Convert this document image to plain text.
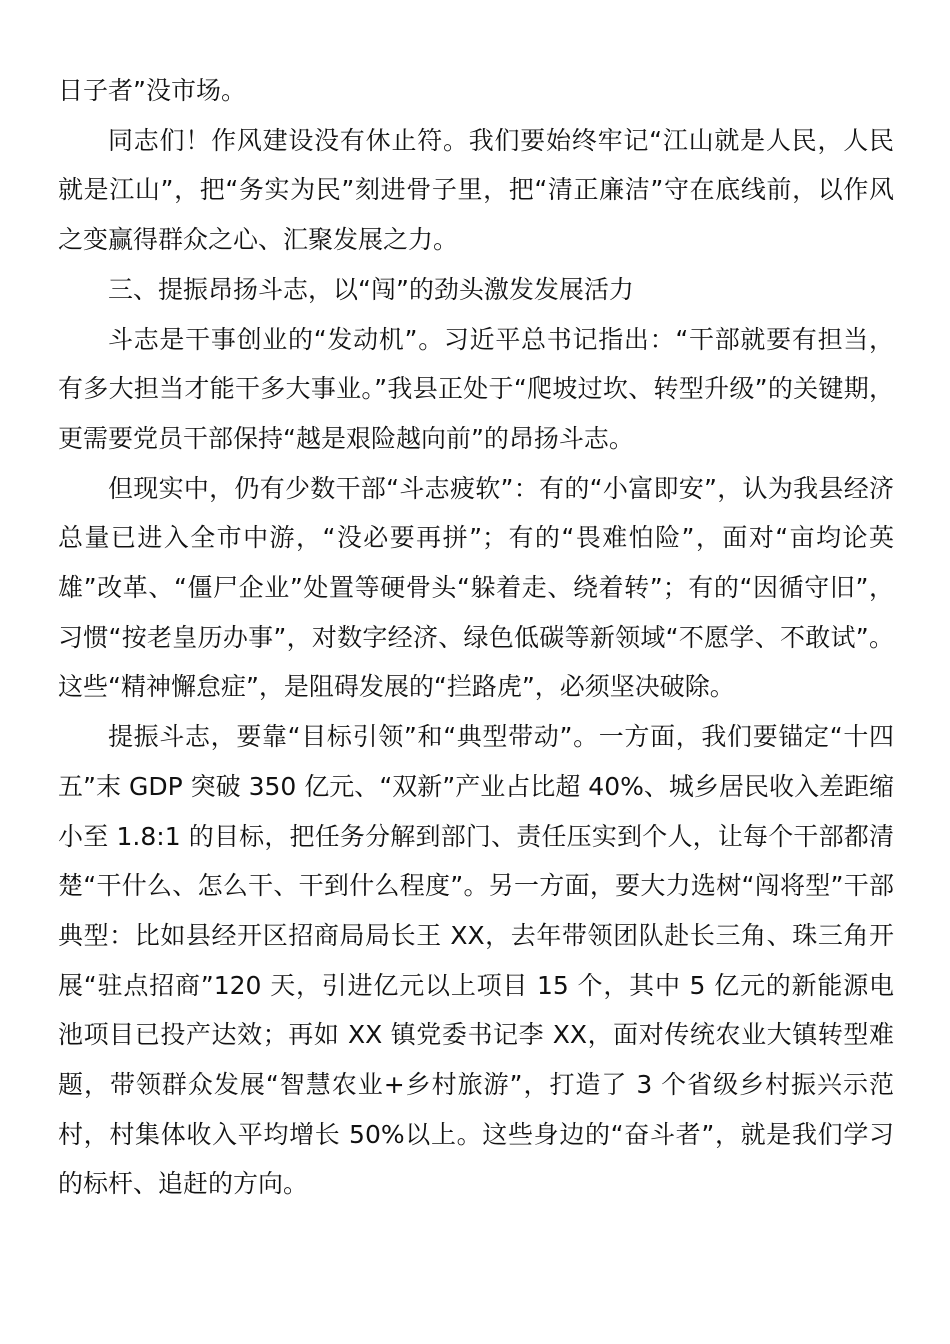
日子者”没市场。

同志们！作风建设没有休止符。我们要始终牢记“江山就是人民，人民就是江山”，把“务实为民”刻进骨子里，把“清正廉洁”守在底线前，以作风之变赢得群众之心、汇聚发展之力。

三、提振昂扬斗志，以“闯”的劲头激发发展活力

斗志是干事创业的“发动机”。习近平总书记指出：“干部就要有担当，有多大担当才能干多大事业。”我县正处于“爬坡过坎、转型升级”的关键期，更需要党员干部保持“越是艰险越向前”的昂扬斗志。

但现实中，仍有少数干部“斗志疲软”：有的“小富即安”，认为我县经济总量已进入全市中游，“没必要再拼”；有的“畏难怕险”，面对“亩均论英雄”改革、“僵尸企业”处置等硬骨头“躲着走、绕着转”；有的“因循守旧”，习惯“按老皇历办事”，对数字经济、绿色低碳等新领域“不愿学、不敢试”。这些“精神懈怠症”，是阻碍发展的“拦路虎”，必须坚决破除。

提振斗志，要靠“目标引领”和“典型带动”。一方面，我们要锚定“十四五”末 GDP 突破 350 亿元、“双新”产业占比超 40%、城乡居民收入差距缩小至 1.8:1 的目标，把任务分解到部门、责任压实到个人，让每个干部都清楚“干什么、怎么干、干到什么程度”。另一方面，要大力选树“闯将型”干部典型：比如县经开区招商局局长王 XX，去年带领团队赴长三角、珠三角开展“驻点招商”120 天，引进亿元以上项目 15 个，其中 5 亿元的新能源电池项目已投产达效；再如 XX 镇党委书记李 XX，面对传统农业大镇转型难题，带领群众发展“智慧农业+乡村旅游”，打造了 3 个省级乡村振兴示范村，村集体收入平均增长 50%以上。这些身边的“奋斗者”，就是我们学习的标杆、追赶的方向。
